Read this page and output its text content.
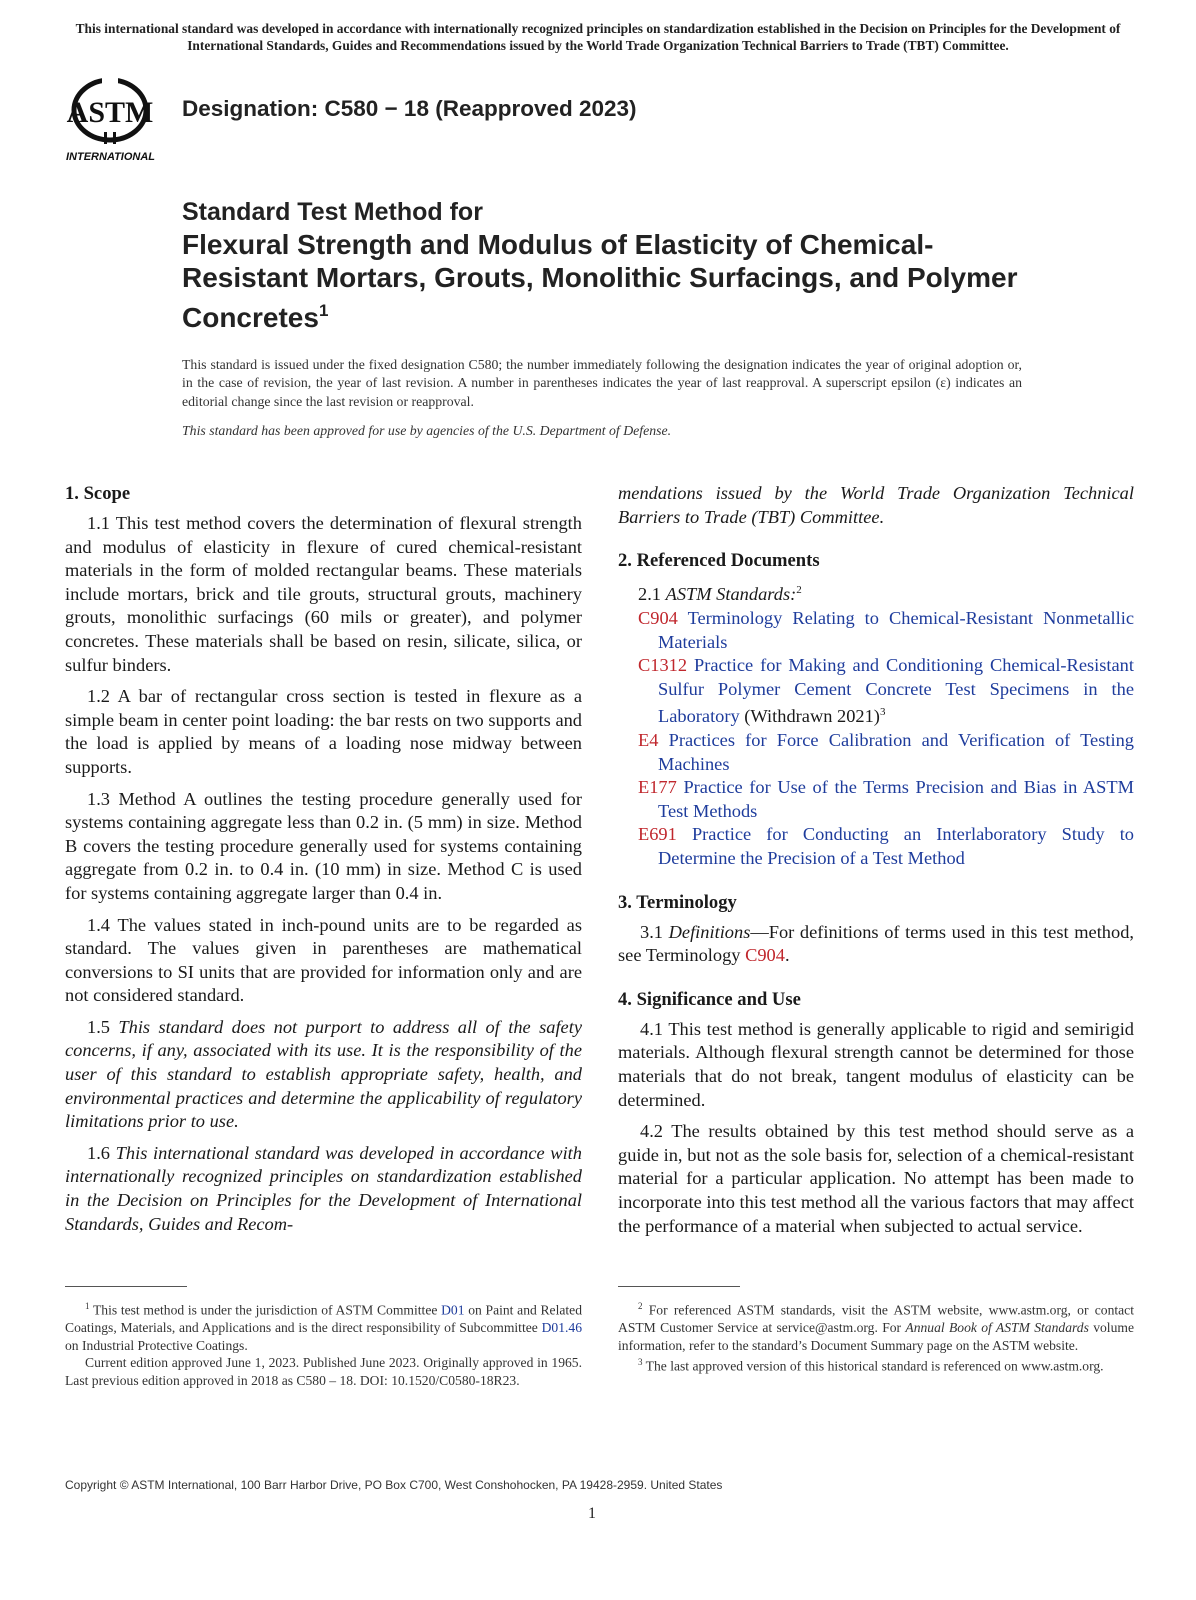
This international standard was developed in accordance with internationally recognized principles on standardization established in the Decision on Principles for the Development of International Standards, Guides and Recommendations issued by the World Trade Organization Technical Barriers to Trade (TBT) Committee.
ASTM
INTERNATIONAL
Designation: C580 − 18 (Reapproved 2023)
Standard Test Method for
Flexural Strength and Modulus of Elasticity of Chemical-Resistant Mortars, Grouts, Monolithic Surfacings, and Polymer Concretes$^1$
This standard is issued under the fixed designation C580; the number immediately following the designation indicates the year of original adoption or, in the case of revision, the year of last revision. A number in parentheses indicates the year of last reapproval. A superscript epsilon (ε) indicates an editorial change since the last revision or reapproval.
This standard has been approved for use by agencies of the U.S. Department of Defense.
1. Scope

1.1 This test method covers the determination of flexural strength and modulus of elasticity in flexure of cured chemical-resistant materials in the form of molded rectangular beams. These materials include mortars, brick and tile grouts, structural grouts, machinery grouts, monolithic surfacings (60 mils or greater), and polymer concretes. These materials shall be based on resin, silicate, silica, or sulfur binders.

1.2 A bar of rectangular cross section is tested in flexure as a simple beam in center point loading: the bar rests on two supports and the load is applied by means of a loading nose midway between supports.

1.3 Method A outlines the testing procedure generally used for systems containing aggregate less than 0.2 in. (5 mm) in size. Method B covers the testing procedure generally used for systems containing aggregate from 0.2 in. to 0.4 in. (10 mm) in size. Method C is used for systems containing aggregate larger than 0.4 in.

1.4 The values stated in inch-pound units are to be regarded as standard. The values given in parentheses are mathematical conversions to SI units that are provided for information only and are not considered standard.

1.5 This standard does not purport to address all of the safety concerns, if any, associated with its use. It is the responsibility of the user of this standard to establish appropriate safety, health, and environmental practices and determine the applicability of regulatory limitations prior to use.

1.6 This international standard was developed in accordance with internationally recognized principles on standardization established in the Decision on Principles for the Development of International Standards, Guides and Recom-

mendations issued by the World Trade Organization Technical Barriers to Trade (TBT) Committee.

2. Referenced Documents
2.1 ASTM Standards:$^2$
C904 Terminology Relating to Chemical-Resistant Nonmetallic Materials
C1312 Practice for Making and Conditioning Chemical-Resistant Sulfur Polymer Cement Concrete Test Specimens in the Laboratory (Withdrawn 2021)$^3$
E4 Practices for Force Calibration and Verification of Testing Machines
E177 Practice for Use of the Terms Precision and Bias in ASTM Test Methods
E691 Practice for Conducting an Interlaboratory Study to Determine the Precision of a Test Method
3. Terminology

3.1 Definitions—For definitions of terms used in this test method, see Terminology C904.

4. Significance and Use

4.1 This test method is generally applicable to rigid and semirigid materials. Although flexural strength cannot be determined for those materials that do not break, tangent modulus of elasticity can be determined.

4.2 The results obtained by this test method should serve as a guide in, but not as the sole basis for, selection of a chemical-resistant material for a particular application. No attempt has been made to incorporate into this test method all the various factors that may affect the performance of a material when subjected to actual service.

$^1$ This test method is under the jurisdiction of ASTM Committee D01 on Paint and Related Coatings, Materials, and Applications and is the direct responsibility of Subcommittee D01.46 on Industrial Protective Coatings.

Current edition approved June 1, 2023. Published June 2023. Originally approved in 1965. Last previous edition approved in 2018 as C580 – 18. DOI: 10.1520/C0580-18R23.

$^2$ For referenced ASTM standards, visit the ASTM website, www.astm.org, or contact ASTM Customer Service at service@astm.org. For Annual Book of ASTM Standards volume information, refer to the standard’s Document Summary page on the ASTM website.

$^3$ The last approved version of this historical standard is referenced on www.astm.org.

Copyright © ASTM International, 100 Barr Harbor Drive, PO Box C700, West Conshohocken, PA 19428-2959. United States
1
